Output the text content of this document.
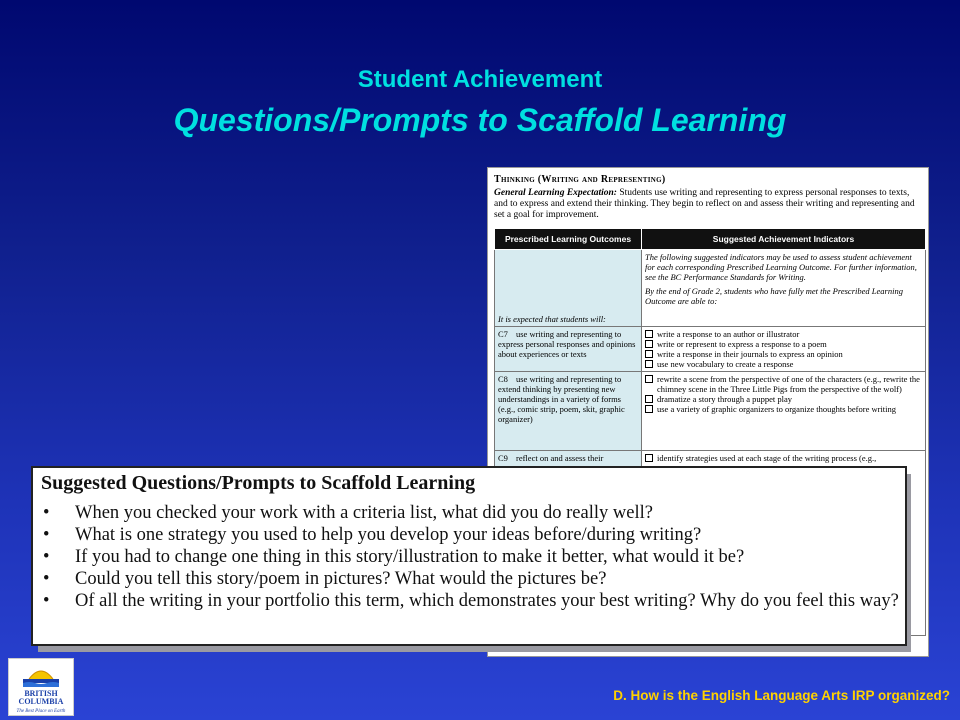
Student Achievement
Questions/Prompts to Scaffold Learning
Thinking (Writing and Representing)
General Learning Expectation: Students use writing and representing to express personal responses to texts, and to express and extend their thinking. They begin to reflect on and assess their writing and representing and set a goal for improvement.
Prescribed Learning Outcomes	Suggested Achievement Indicators
It is expected that students will:	The following suggested indicators may be used to assess student achievement for each corresponding Prescribed Learning Outcome. For further information, see the BC Performance Standards for Writing.
By the end of Grade 2, students who have fully met the Prescribed Learning Outcome are able to:

C7 use writing and representing to express personal responses and opinions about experiences or texts	write a response to an author or illustrator
write or represent to express a response to a poem
write a response in their journals to express an opinion
use new vocabulary to create a response

C8 use writing and representing to extend thinking by presenting new understandings in a variety of forms (e.g., comic strip, poem, skit, graphic organizer)	rewrite a scene from the perspective of one of the characters (e.g., rewrite the chimney scene in the Three Little Pigs from the perspective of the wolf)
dramatize a story through a puppet play
use a variety of graphic organizers to organize thoughts before writing

C9 reflect on and assess their	identify strategies used at each stage of the writing process (e.g.,
Suggested Questions/Prompts to Scaffold Learning
• When you checked your work with a criteria list, what did you do really well?
• What is one strategy you used to help you develop your ideas before/during writing?
• If you had to change one thing in this story/illustration to make it better, what would it be?
• Could you tell this story/poem in pictures? What would the pictures be?
• Of all the writing in your portfolio this term, which demonstrates your best writing? Why do you feel this way?
BRITISH
COLUMBIA
The Best Place on Earth
D. How is the English Language Arts IRP organized?
